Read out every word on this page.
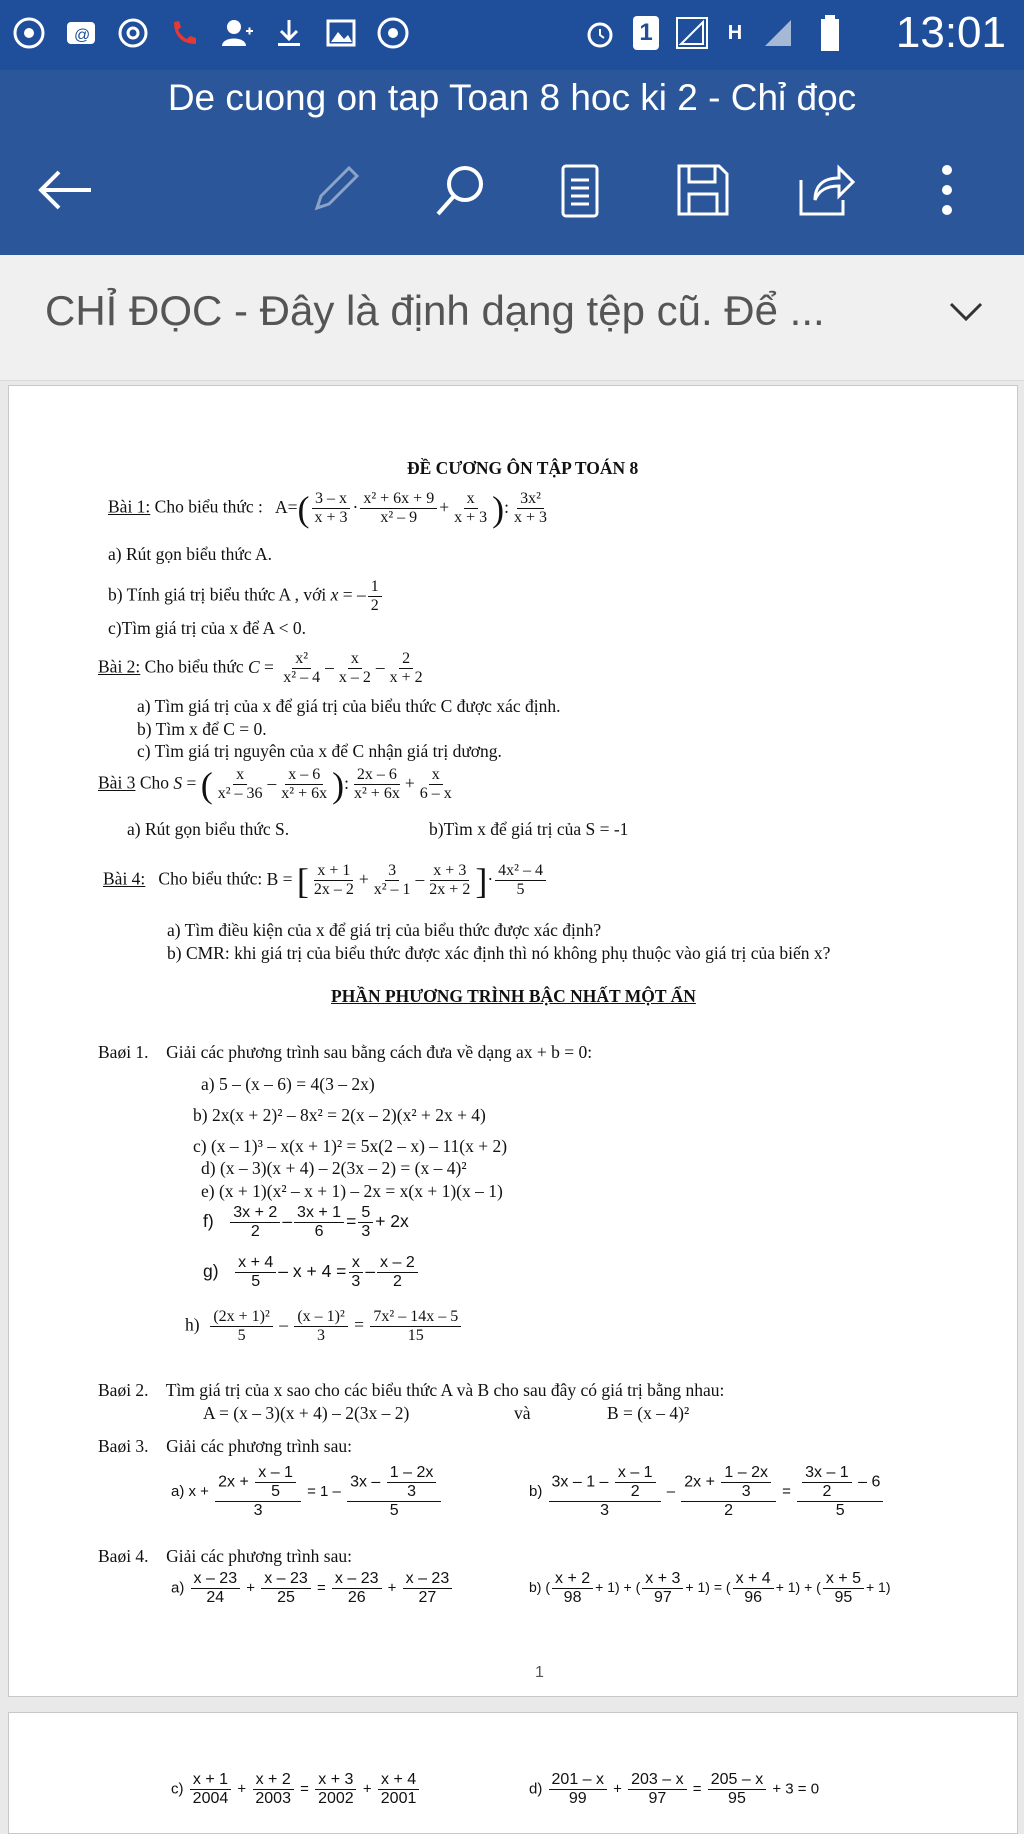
@	1	H	13:01
De cuong on tap Toan 8 hoc ki 2 - Chỉ đọc
CHỈ ĐỌC - Đây là định dạng tệp cũ. Để ...
ĐỀ CƯƠNG ÔN TẬP TOÁN 8
Bài 1: Cho biểu thức :   $A=( \frac{3 - x}{x + 3} \cdot \frac{\text{x² + 6x + 9}}{\text{x² – 9}} + \frac{x}{x + 3}$ ): $\frac{\text{3x²}}{x + 3}$
a) Rút gọn biểu thức A.
b) Tính giá trị biểu thức A , với x = – $\frac{1}{2}$
c)Tìm giá trị của x để A < 0.
Bài 2: Cho biểu thức $C = \frac{\text{x²}}{\text{x² – 4}} - \frac{x}{x - 2} - \frac{2}{x + 2}$
a) Tìm giá trị của x để giá trị của biểu thức C được xác định.
b) Tìm x để C = 0.
c) Tìm giá trị nguyên của x để C nhận giá trị dương.
Bài 3 Cho S = ( $\frac{x}{\text{x² – 36}} - \frac{x - 6}{\text{x² + 6x}}$ ): $\frac{2x - 6}{\text{x² + 6x}} + \frac{x}{6 - x}$
a) Rút gọn biểu thức S.	b)Tìm x để giá trị của S = -1
Bài 4: Cho biểu thức: B = [ $\frac{x + 1}{2x - 2} + \frac{3}{\text{x² – 1}} - \frac{x + 3}{2x + 2}$ ]· $\frac{\text{4x² – 4}}{5}$
a) Tìm điều kiện của x để giá trị của biểu thức được xác định?
b) CMR: khi giá trị của biểu thức được xác định thì nó không phụ thuộc vào giá trị của biến x?
PHẦN PHƯƠNG TRÌNH BẬC NHẤT MỘT ẨN
Baøi 1. Giải các phương trình sau bằng cách đưa về dạng ax + b = 0:
a) 5 – (x – 6) = 4(3 – 2x)
b) 2x(x + 2)² – 8x² = 2(x – 2)(x² + 2x + 4)
c) (x – 1)³ – x(x + 1)² = 5x(2 – x) – 11(x + 2)
d) (x – 3)(x + 4) – 2(3x – 2) = (x – 4)²
e) (x + 1)(x² – x + 1) – 2x = x(x + 1)(x – 1)
$f) \frac{3x + 2}{2} - \frac{3x + 1}{6} = \frac{5}{3} + 2x$
$g) \frac{x + 4}{5} - x + 4 = \frac{x}{3} - \frac{x - 2}{2}$
$h) \frac{\text{(2x + 1)²}}{5} - \frac{\text{(x – 1)²}}{3} = \frac{\text{7x² – 14x – 5}}{15}$
Baøi 2. Tìm giá trị của x sao cho các biểu thức A và B cho sau đây có giá trị bằng nhau:
A = (x – 3)(x + 4) – 2(3x – 2)	và	B = (x – 4)²
Baøi 3. Giải các phương trình sau:
a) $x + \frac{2x + \frac{x - 1}{5}}{3} = 1 - \frac{3x - \frac{1 - 2x}{3}}{5}$	$b) \frac{3x - 1 - \frac{x - 1}{2}}{3} - \frac{2x + \frac{1 - 2x}{3}}{2} = \frac{\frac{3x - 1}{2} - 6}{5}$
Baøi 4. Giải các phương trình sau:
$a) \frac{x - 23}{24} + \frac{x - 23}{25} = \frac{x - 23}{26} + \frac{x - 23}{27}$	b) ( $\frac{x + 2}{98} + 1$) + ( $\frac{x + 3}{97} + 1$) = ( $\frac{x + 4}{96} + 1$) + ( $\frac{x + 5}{95} + 1$)
1
$c) \frac{x + 1}{2004} + \frac{x + 2}{2003} = \frac{x + 3}{2002} + \frac{x + 4}{2001}$	$d) \frac{201 - x}{99} + \frac{203 - x}{97} = \frac{205 - x}{95} + 3 = 0$
